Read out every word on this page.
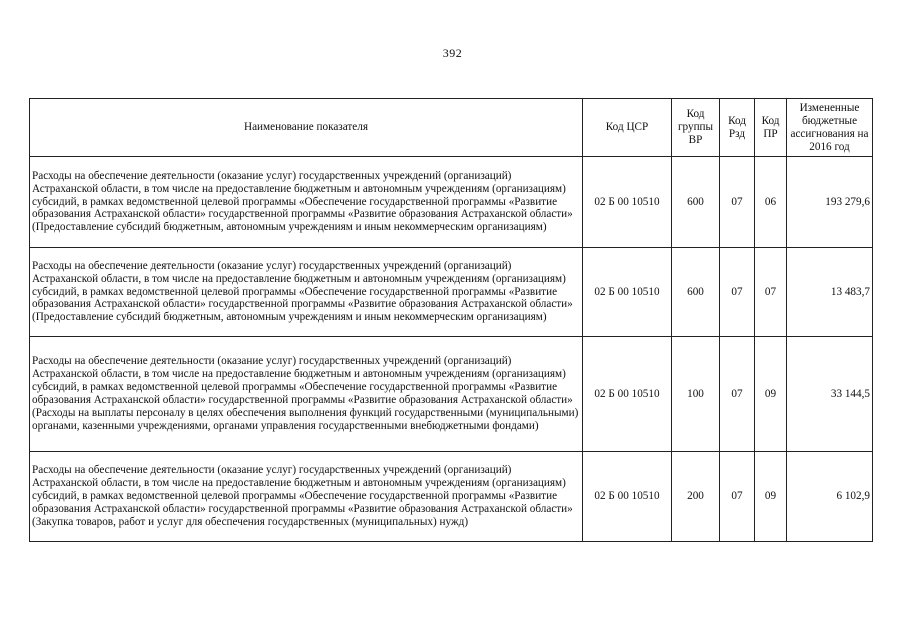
392
Наименование показателя	Код ЦСР	Код группы ВР	Код Рзд	Код ПР	Измененные бюджетные ассигнования на 2016 год
Расходы на обеспечение деятельности (оказание услуг) государственных учреждений (организаций) Астраханской области, в том числе на предоставление бюджетным и автономным учреждениям (организациям) субсидий, в рамках ведомственной целевой программы «Обеспечение государственной программы «Развитие образования Астраханской области» государственной программы «Развитие образования Астраханской области» (Предоставление субсидий бюджетным, автономным учреждениям и иным некоммерческим организациям)	02 Б 00 10510	600	07	06	193 279,6
Расходы на обеспечение деятельности (оказание услуг) государственных учреждений (организаций) Астраханской области, в том числе на предоставление бюджетным и автономным учреждениям (организациям) субсидий, в рамках ведомственной целевой программы «Обеспечение государственной программы «Развитие образования Астраханской области» государственной программы «Развитие образования Астраханской области» (Предоставление субсидий бюджетным, автономным учреждениям и иным некоммерческим организациям)	02 Б 00 10510	600	07	07	13 483,7
Расходы на обеспечение деятельности (оказание услуг) государственных учреждений (организаций) Астраханской области, в том числе на предоставление бюджетным и автономным учреждениям (организациям) субсидий, в рамках ведомственной целевой программы «Обеспечение государственной программы «Развитие образования Астраханской области» государственной программы «Развитие образования Астраханской области» (Расходы на выплаты персоналу в целях обеспечения выполнения функций государственными (муниципальными) органами, казенными учреждениями, органами управления государственными внебюджетными фондами)	02 Б 00 10510	100	07	09	33 144,5
Расходы на обеспечение деятельности (оказание услуг) государственных учреждений (организаций) Астраханской области, в том числе на предоставление бюджетным и автономным учреждениям (организациям) субсидий, в рамках ведомственной целевой программы «Обеспечение государственной программы «Развитие образования Астраханской области» государственной программы «Развитие образования Астраханской области» (Закупка товаров, работ и услуг для обеспечения государственных (муниципальных) нужд)	02 Б 00 10510	200	07	09	6 102,9
